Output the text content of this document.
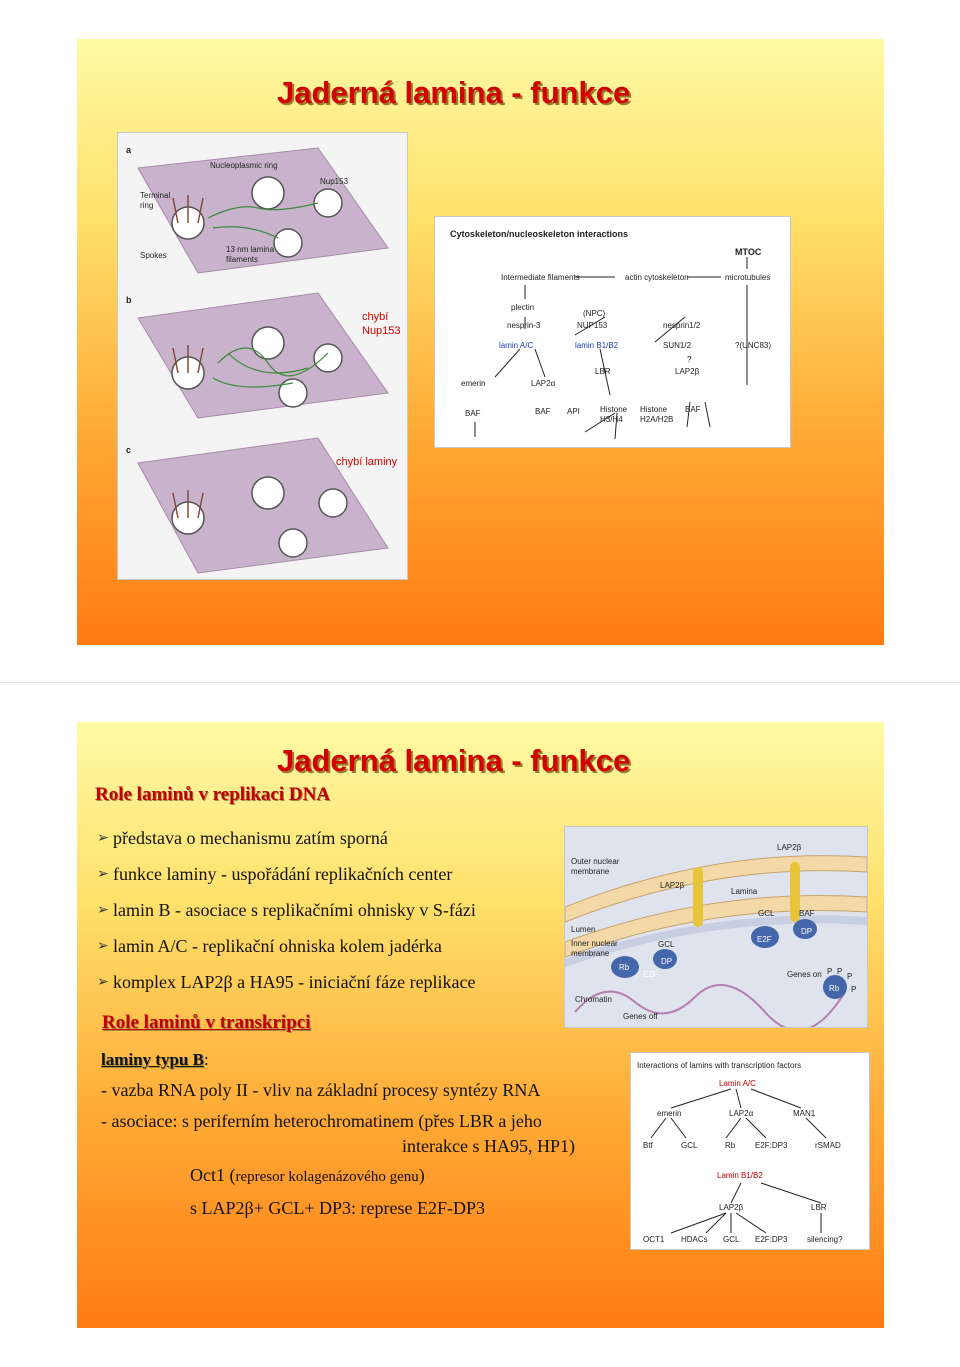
Jaderná lamina - funkce
a
b
c
Nucleoplasmic ring
Nup153
Terminal ring
Spokes
13 nm lamina filaments
chybí
Nup153
chybí laminy
Cytoskeleton/nucleoskeleton interactions
MTOC
Intermediate filaments	actin cytoskeleton	microtubules
plectin
nesprin-3
(NPC)
NUP153	nesprin1/2
lamin A/C	lamin B1/B2	SUN1/2	?(UNC83)
?
LBR	LAP2β
emerin	LAP2α
BAF	BAF API	Histone H3/H4
Histone H2A/H2B
BAF
Jaderná lamina - funkce
Role laminů v replikaci DNA
➢ představa o mechanismu zatím sporná
➢ funkce laminy - uspořádání replikačních center
➢ lamin B - asociace s replikačními ohnisky v S-fázi
➢ lamin A/C - replikační ohniska kolem jadérka
➢ komplex LAP2β a HA95 - iniciační fáze replikace
Role laminů v transkripci
laminy typu B:
- vazba RNA poly II - vliv na základní procesy syntézy RNA
- asociace: s periferním heterochromatinem (přes LBR a jeho
interakce s HA95, HP1)
Oct1 (represor kolagenázového genu)
s LAP2β+ GCL+ DP3: represe E2F-DP3
Outer nuclear membrane
LAP2β
LAP2β
Lamina
Lumen
Inner nuclear membrane
GCL
GCL	BAF
Rb
E2F
DP
E2F
DP
Genes on
Genes off
Chromatin
P P
P
P
Rb
Interactions of lamins with transcription factors
Lamin A/C
emerin	LAP2α	MAN1
Btf	GCL	Rb E2F:DP3	rSMAD
Lamin B1/B2
LAP2β	LBR
OCT1 HDACs GCL E2F:DP3 silencing?
